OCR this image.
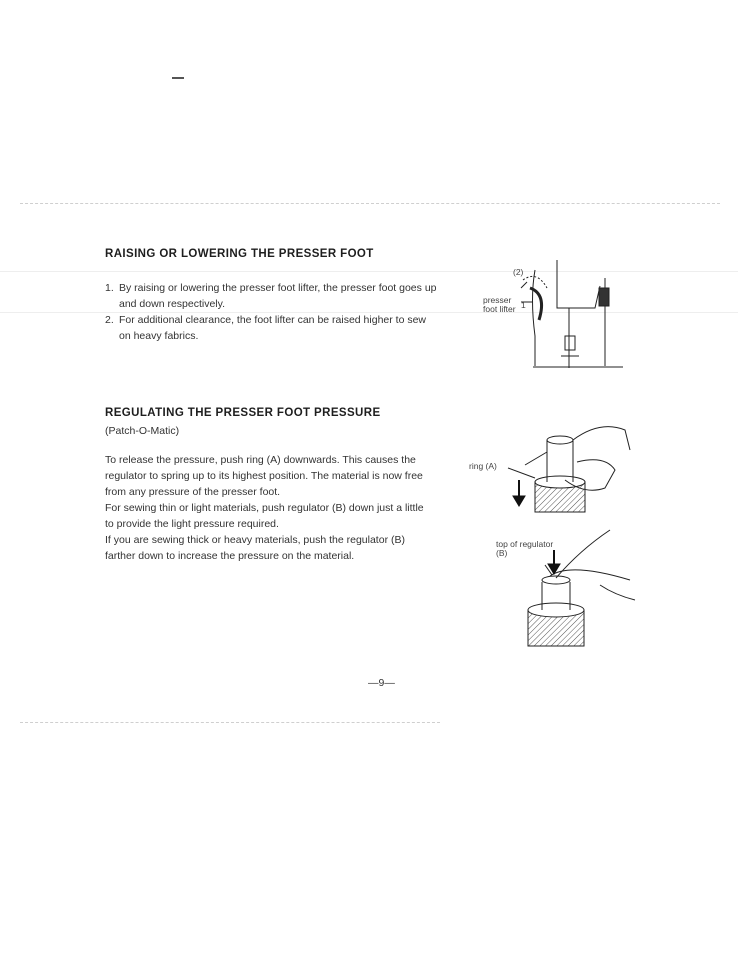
RAISING OR LOWERING THE PRESSER FOOT
1. By raising or lowering the presser foot lifter, the presser foot goes up and down respectively.
2. For additional clearance, the foot lifter can be raised higher to sew on heavy fabrics.
(2)
1
presser foot lifter
REGULATING THE PRESSER FOOT PRESSURE
(Patch-O-Matic)

To release the pressure, push ring (A) downwards. This causes the regulator to spring up to its highest position. The material is now free from any pressure of the presser foot.

For sewing thin or light materials, push regulator (B) down just a little to provide the light pressure required.

If you are sewing thick or heavy materials, push the regulator (B) farther down to increase the pressure on the material.

ring (A)
top of regulator (B)
—9—
